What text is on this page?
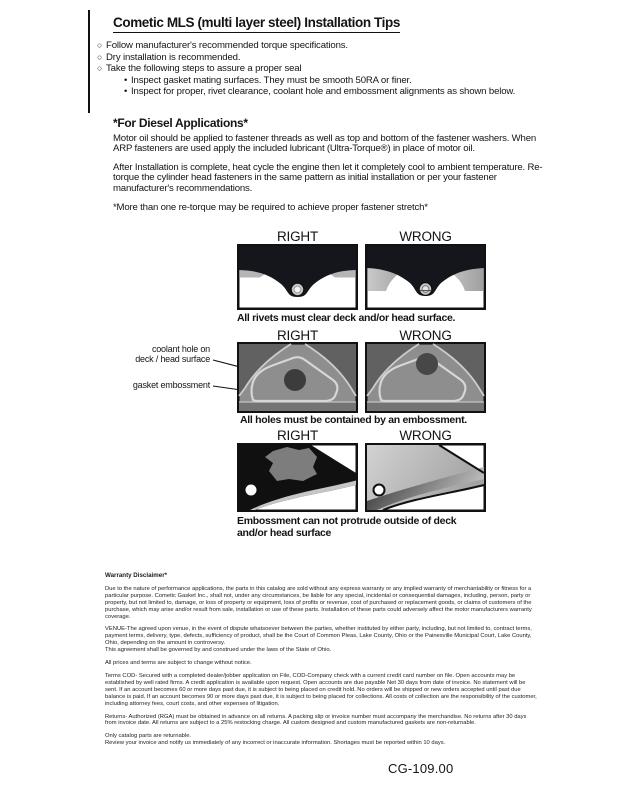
Cometic MLS (multi layer steel) Installation Tips
○ Follow manufacturer's recommended torque specifications.
○ Dry installation is recommended.
○ Take the following steps to assure a proper seal
• Inspect gasket mating surfaces. They must be smooth 50RA or finer.
• Inspect for proper, rivet clearance, coolant hole and embossment alignments as shown below.
*For Diesel Applications*
Motor oil should be applied to fastener threads as well as top and bottom of the fastener washers. When ARP fasteners are used apply the included lubricant (Ultra-Torque®) in place of motor oil.
After Installation is complete, heat cycle the engine then let it completely cool to ambient temperature. Re-torque the cylinder head fasteners in the same pattern as initial installation or per your fastener manufacturer's recommendations.
*More than one re-torque may be required to achieve proper fastener stretch*
RIGHT	WRONG
All rivets must clear deck and/or head surface.
RIGHT	WRONG
coolant hole on
deck / head surface
gasket embossment
All holes must be contained by an embossment.
RIGHT	WRONG
Embossment can not protrude outside of deck
and/or head surface
Warranty Disclaimer*
Due to the nature of performance applications, the parts in this catalog are sold without any express warranty or any implied warranty of merchantability or fitness for a particular purpose. Cometic Gasket Inc., shall not, under any circumstances, be liable for any special, incidental or consequential damages, including, person, party or property, but not limited to, damage, or loss of property or equipment, loss of profits or revenue, cost of purchased or replacement goods, or claims of customers of the purchase, which may arise and/or result from sale, installation or use of these parts. Installation of these parts could adversely affect the motor manufacturers warranty coverage.
VENUE-The agreed upon venue, in the event of dispute whatsoever between the parties, whether instituted by either party, including, but not limited to, contract terms, payment terms, delivery, type, defects, sufficiency of product, shall be the Court of Common Pleas, Lake County, Ohio or the Painesville Municipal Court, Lake County, Ohio, depending on the amount in controversy.
This agreement shall be governed by and construed under the laws of the State of Ohio.
All prices and terms are subject to change without notice.
Terms COD- Secured with a completed dealer/jobber application on File, COD-Company check with a current credit card number on file. Open accounts may be established by well rated firms. A credit application is available upon request. Open accounts are due payable Net 30 days from date of invoice. No statement will be sent. If an account becomes 60 or more days past due, it is subject to being placed on credit hold. No orders will be shipped or new orders accepted until past due balance is paid. If an account becomes 90 or more days past due, it is subject to being placed for collections. All costs of collection are the responsibility of the customer, including attorney fees, court costs, and other expenses of litigation.
Returns- Authorized (RGA) must be obtained in advance on all returns. A packing slip or invoice number must accompany the merchandise. No returns after 30 days from invoice date. All returns are subject to a 25% restocking charge. All custom designed and custom manufactured gaskets are non-returnable.
Only catalog parts are returnable.
Review your invoice and notify us immediately of any incorrect or inaccurate information. Shortages must be reported within 10 days.
CG-109.00
